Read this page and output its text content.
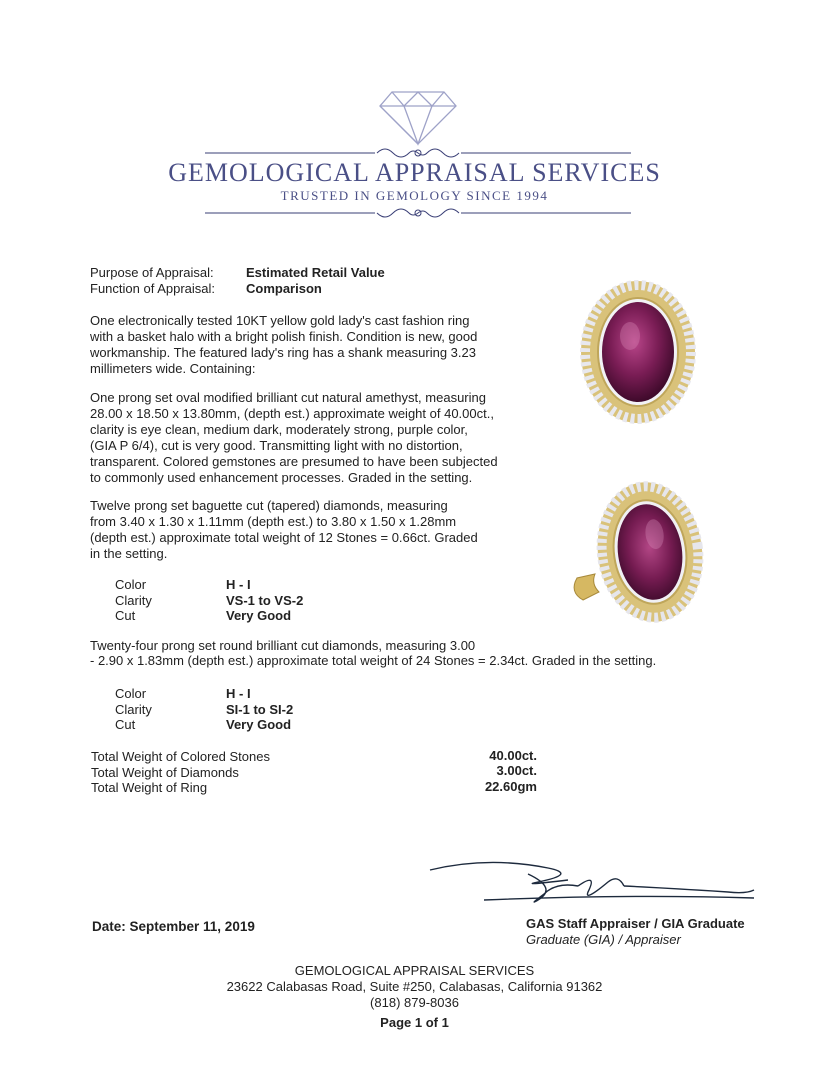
GEMOLOGICAL APPRAISAL SERVICES
TRUSTED IN GEMOLOGY SINCE 1994
Purpose of Appraisal: Estimated Retail Value
Function of Appraisal: Comparison

One electronically tested 10KT yellow gold lady's cast fashion ring

with a basket halo with a bright polish finish. Condition is new, good

workmanship. The featured lady's ring has a shank measuring 3.23

millimeters wide. Containing:

One prong set oval modified brilliant cut natural amethyst, measuring

28.00 x 18.50 x 13.80mm, (depth est.) approximate weight of 40.00ct.,

clarity is eye clean, medium dark, moderately strong, purple color,

(GIA P 6/4), cut is very good. Transmitting light with no distortion,

transparent. Colored gemstones are presumed to have been subjected

to commonly used enhancement processes. Graded in the setting.

Twelve prong set baguette cut (tapered) diamonds, measuring

from 3.40 x 1.30 x 1.11mm (depth est.) to 3.80 x 1.50 x 1.28mm

(depth est.) approximate total weight of 12 Stones = 0.66ct. Graded

in the setting.

Color	H - I
Clarity	VS-1 to VS-2
Cut	Very Good
Twenty-four prong set round brilliant cut diamonds, measuring 3.00
- 2.90 x 1.83mm (depth est.) approximate total weight of 24 Stones = 2.34ct. Graded in the setting.
Color	H - I
Clarity	SI-1 to SI-2
Cut	Very Good
Total Weight of Colored Stones	40.00ct.
Total Weight of Diamonds	3.00ct.
Total Weight of Ring	22.60gm
Date: September 11, 2019	GAS Staff Appraiser / GIA Graduate
Graduate (GIA) / Appraiser
GEMOLOGICAL APPRAISAL SERVICES
23622 Calabasas Road, Suite #250, Calabasas, California 91362
(818) 879-8036
Page 1 of 1
